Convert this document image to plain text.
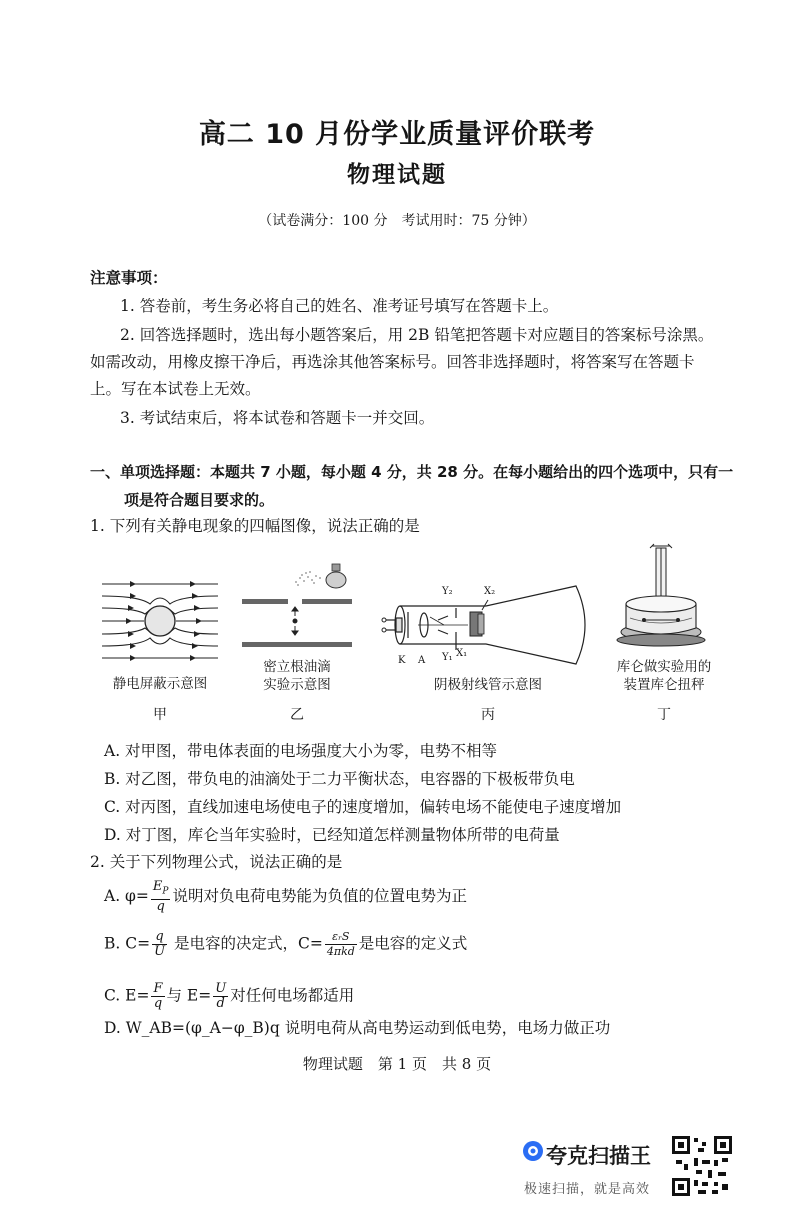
高二 10 月份学业质量评价联考
物理试题
（试卷满分：100 分　考试用时：75 分钟）
注意事项：
1. 答卷前，考生务必将自己的姓名、准考证号填写在答题卡上。
2. 回答选择题时，选出每小题答案后，用 2B 铅笔把答题卡对应题目的答案标号涂黑。
如需改动，用橡皮擦干净后，再选涂其他答案标号。回答非选择题时，将答案写在答题卡
上。写在本试卷上无效。
3. 考试结束后，将本试卷和答题卡一并交回。
一、单项选择题：本题共 7 小题，每小题 4 分，共 28 分。在每小题给出的四个选项中，只有一
项是符合题目要求的。
1. 下列有关静电现象的四幅图像，说法正确的是
静电屏蔽示意图
甲
密立根油滴
实验示意图
乙
Y₂	X₂
K A Y₁ X₁
阴极射线管示意图
丙
库仑做实验用的
装置库仑扭秤
丁
A. 对甲图，带电体表面的电场强度大小为零，电势不相等
B. 对乙图，带负电的油滴处于二力平衡状态，电容器的下极板带负电
C. 对丙图，直线加速电场使电子的速度增加，偏转电场不能使电子速度增加
D. 对丁图，库仑当年实验时，已经知道怎样测量物体所带的电荷量
2. 关于下列物理公式，说法正确的是
A. $\varphi= \frac{E_P}{q}$ 说明对负电荷电势能为负值的位置电势为正
B. $C= \frac{q}{U}$ 是电容的决定式，$C= \frac{\text{εᵣS}}{\text{4πkd}}$ 是电容的定义式
C. $E= \frac{F}{q}$ 与 $E= \frac{U}{d}$ 对任何电场都适用
D. W_AB=(φ_A−φ_B)q 说明电荷从高电势运动到低电势，电场力做正功
物理试题　第 1 页　共 8 页
夸克扫描王
极速扫描，就是高效
